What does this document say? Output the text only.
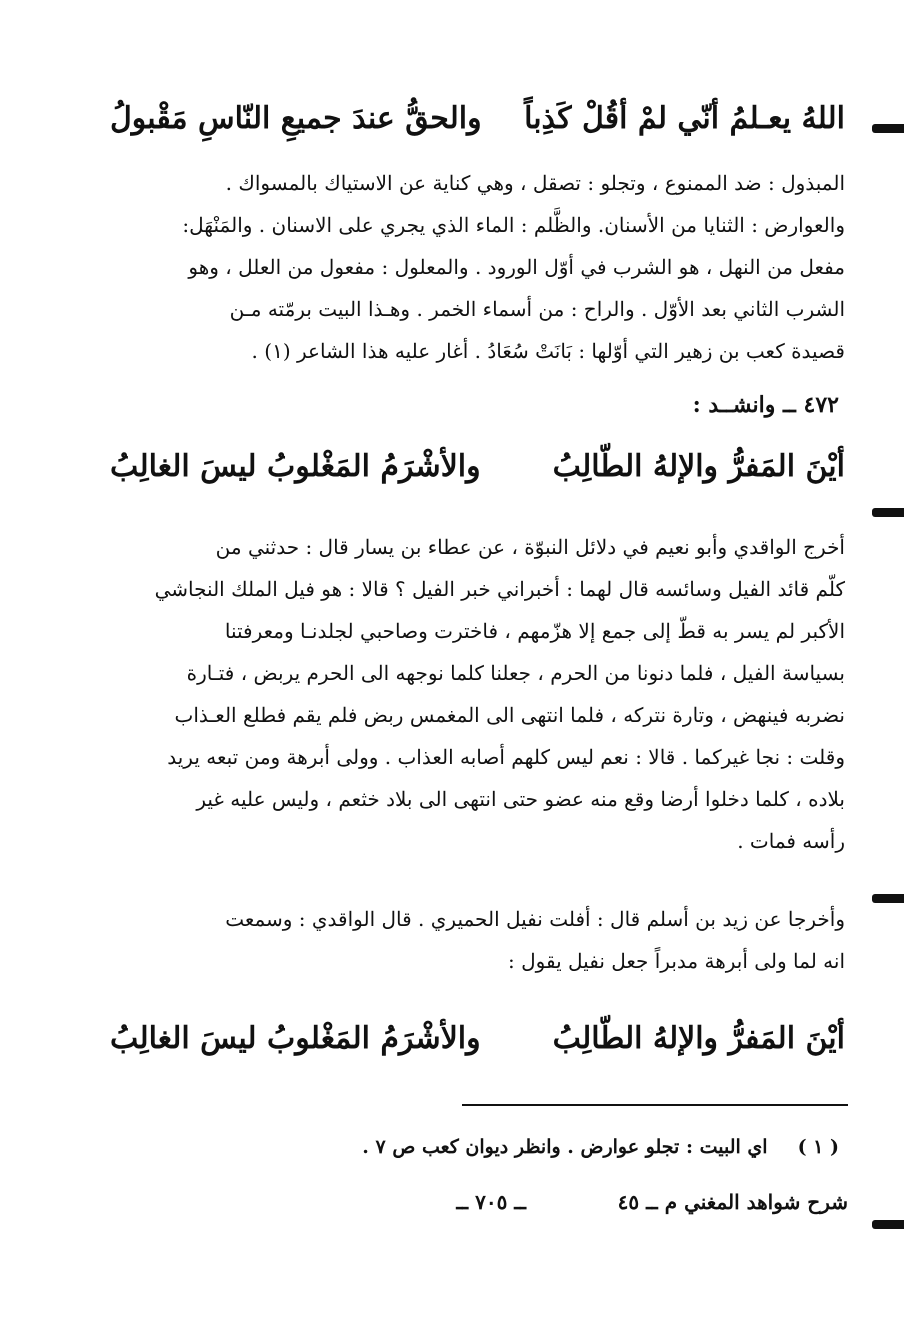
اللهُ يعـلمُ أنّي لمْ أقُلْ كَذِباً
والحقُّ عندَ جميعِ النّاسِ مَقْبولُ
المبذول : ضد الممنوع ، وتجلو : تصقل ، وهي كناية عن الاستياك بالمسواك .
والعوارض : الثنايا من الأسنان. والظَّلم : الماء الذي يجري على الاسنان . والمَنْهَل:
مفعل من النهل ، هو الشرب في أوّل الورود . والمعلول : مفعول من العلل ، وهو
الشرب الثاني بعد الأوّل . والراح : من أسماء الخمر . وهـذا البيت برمّته مـن
قصيدة كعب بن زهير التي أوّلها : بَانَتْ سُعَادُ . أغار عليه هذا الشاعر (١) .
٤٧٢ ــ وانشــد :
أيْنَ المَفرُّ والإلهُ الطّالِبُ
والأشْرَمُ المَغْلوبُ ليسَ الغالِبُ
أخرج الواقدي وأبو نعيم في دلائل النبوّة ، عن عطاء بن يسار قال : حدثني من
كلّم قائد الفيل وسائسه قال لهما : أخبراني خبر الفيل ؟ قالا : هو فيل الملك النجاشي
الأكبر لم يسر به قطّ إلى جمع إلا هزّمهم ، فاخترت وصاحبي لجلدنـا ومعرفتنا
بسياسة الفيل ، فلما دنونا من الحرم ، جعلنا كلما نوجهه الى الحرم يربض ، فتـارة
نضربه فينهض ، وتارة نتركه ، فلما انتهى الى المغمس ربض فلم يقم فطلع العـذاب
وقلت : نجا غيركما . قالا : نعم ليس كلهم أصابه العذاب . وولى أبرهة ومن تبعه يريد
بلاده ، كلما دخلوا أرضا وقع منه عضو حتى انتهى الى بلاد خثعم ، وليس عليه غير
رأسه فمات .
وأخرجا عن زيد بن أسلم قال : أفلت نفيل الحميري . قال الواقدي : وسمعت
انه لما ولى أبرهة مدبراً جعل نفيل يقول :
أيْنَ المَفرُّ والإلهُ الطّالِبُ
والأشْرَمُ المَغْلوبُ ليسَ الغالِبُ
( ١ )
اي البيت : تجلو عوارض . وانظر ديوان كعب ص ٧ .
شرح شواهد المغني م ــ ٤٥
ــ ٧٠٥ ــ
